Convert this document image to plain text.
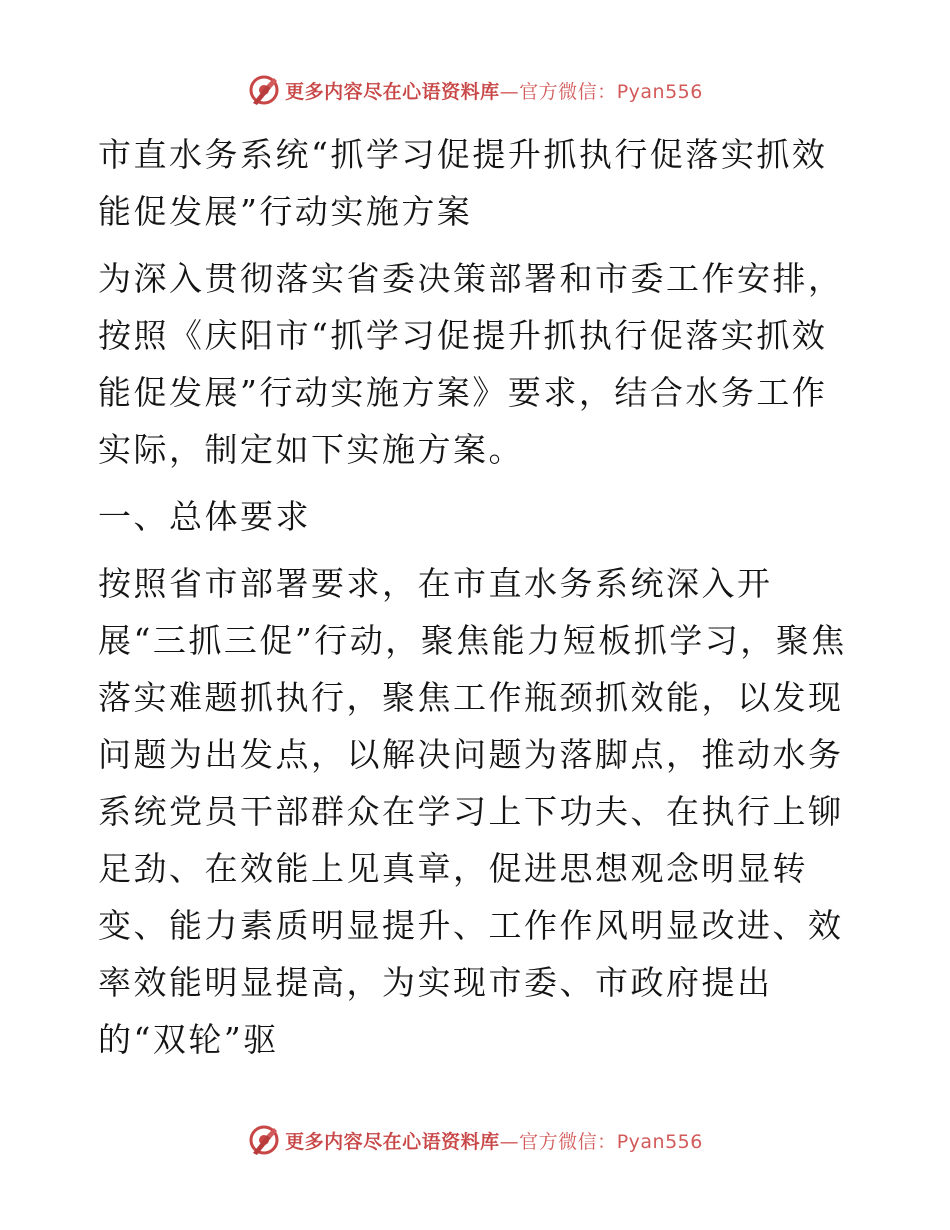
更多内容尽在心语资料库—官方微信：Pyan556

市直水务系统“抓学习促提升抓执行促落实抓效能促发展”行动实施方案

为深入贯彻落实省委决策部署和市委工作安排，按照《庆阳市“抓学习促提升抓执行促落实抓效能促发展”行动实施方案》要求，结合水务工作实际，制定如下实施方案。

一、总体要求

按照省市部署要求，在市直水务系统深入开展“三抓三促”行动，聚焦能力短板抓学习，聚焦落实难题抓执行，聚焦工作瓶颈抓效能，以发现问题为出发点，以解决问题为落脚点，推动水务系统党员干部群众在学习上下功夫、在执行上铆足劲、在效能上见真章，促进思想观念明显转变、能力素质明显提升、工作作风明显改进、效率效能明显提高，为实现市委、市政府提出的“双轮”驱

更多内容尽在心语资料库—官方微信：Pyan556
